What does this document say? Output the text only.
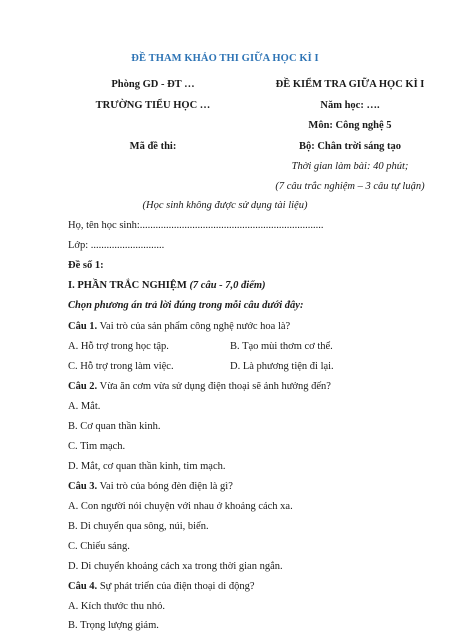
ĐỀ THAM KHẢO THI GIỮA HỌC KÌ I
Phòng GD - ĐT …
TRƯỜNG TIỂU HỌC …
Mã đề thi:
ĐỀ KIỂM TRA GIỮA HỌC KÌ I
Năm học: ….
Môn: Công nghệ 5
Bộ: Chân trời sáng tạo
Thời gian làm bài: 40 phút;
(7 câu trắc nghiệm – 3 câu tự luận)
(Học sinh không được sử dụng tài liệu)
Họ, tên học sinh:......................................................................
Lớp: ............................
Đề số 1:
I. PHẦN TRẮC NGHIỆM (7 câu - 7,0 điểm)
Chọn phương án trả lời đúng trong mỗi câu dưới đây:
Câu 1. Vai trò của sản phẩm công nghệ nước hoa là?
A. Hỗ trợ trong học tập.	B. Tạo mùi thơm cơ thể.
C. Hỗ trợ trong làm việc.	D. Là phương tiện đi lại.
Câu 2. Vừa ăn cơm vừa sử dụng điện thoại sẽ ảnh hưởng đến?
A. Mắt.
B. Cơ quan thần kinh.
C. Tim mạch.
D. Mắt, cơ quan thần kinh, tim mạch.
Câu 3. Vai trò của bóng đèn điện là gì?
A. Con người nói chuyện với nhau ở khoảng cách xa.
B. Di chuyển qua sông, núi, biển.
C. Chiếu sáng.
D. Di chuyển khoảng cách xa trong thời gian ngắn.
Câu 4. Sự phát triển của điện thoại di động?
A. Kích thước thu nhỏ.
B. Trọng lượng giảm.
